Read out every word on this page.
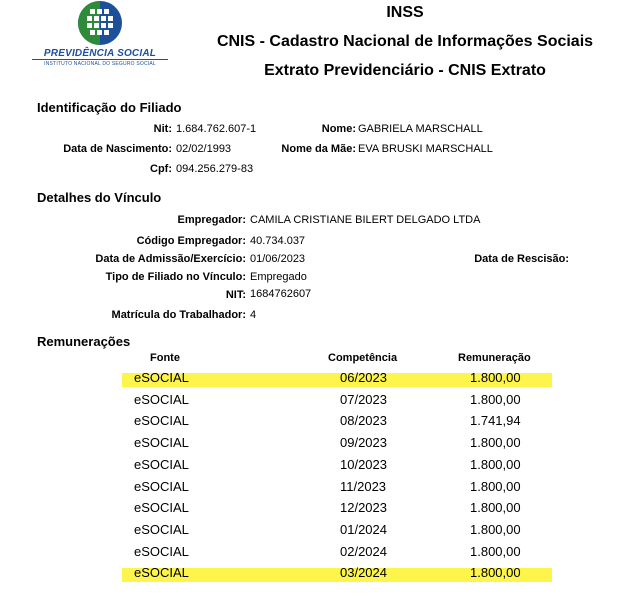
PREVIDÊNCIA SOCIAL
INSTITUTO NACIONAL DO SEGURO SOCIAL
INSS
CNIS - Cadastro Nacional de Informações Sociais
Extrato Previdenciário - CNIS Extrato
Identificação do Filiado
Nit: 1.684.762.607-1	Nome: GABRIELA MARSCHALL
Data de Nascimento: 02/02/1993	Nome da Mãe: EVA BRUSKI MARSCHALL
Cpf: 094.256.279-83
Detalhes do Vínculo
Empregador: CAMILA CRISTIANE BILERT DELGADO LTDA
Código Empregador: 40.734.037
Data de Admissão/Exercício: 01/06/2023	Data de Rescisão:
Tipo de Filiado no Vínculo: Empregado
NIT: 1684762607
Matrícula do Trabalhador: 4
Remunerações
Fonte	Competência	Remuneração
eSOCIAL	06/2023	1.800,00
eSOCIAL	07/2023	1.800,00
eSOCIAL	08/2023	1.741,94
eSOCIAL	09/2023	1.800,00
eSOCIAL	10/2023	1.800,00
eSOCIAL	11/2023	1.800,00
eSOCIAL	12/2023	1.800,00
eSOCIAL	01/2024	1.800,00
eSOCIAL	02/2024	1.800,00
eSOCIAL	03/2024	1.800,00
